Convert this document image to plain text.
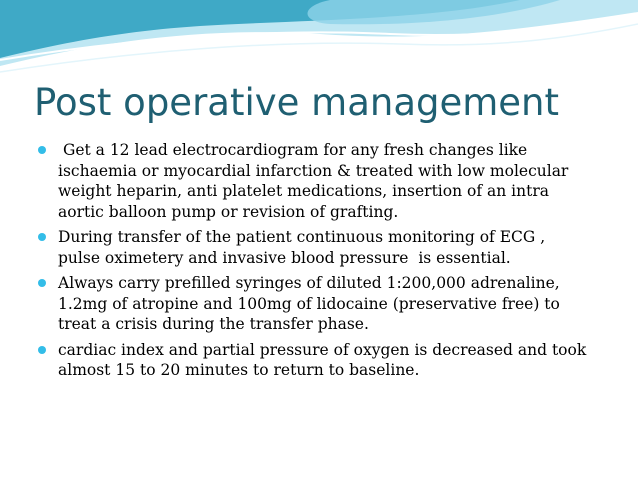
Post operative management
Get a 12 lead electrocardiogram for any fresh changes like ischaemia or myocardial infarction & treated with low molecular weight heparin, anti platelet medications, insertion of an intra aortic balloon pump or revision of grafting.
During transfer of the patient continuous monitoring of ECG , pulse oximetery and invasive blood pressure  is essential.
Always carry prefilled syringes of diluted 1:200,000 adrenaline, 1.2mg of atropine and 100mg of lidocaine (preservative free) to treat a crisis during the transfer phase.
cardiac index and partial pressure of oxygen is decreased and took almost 15 to 20 minutes to return to baseline.
